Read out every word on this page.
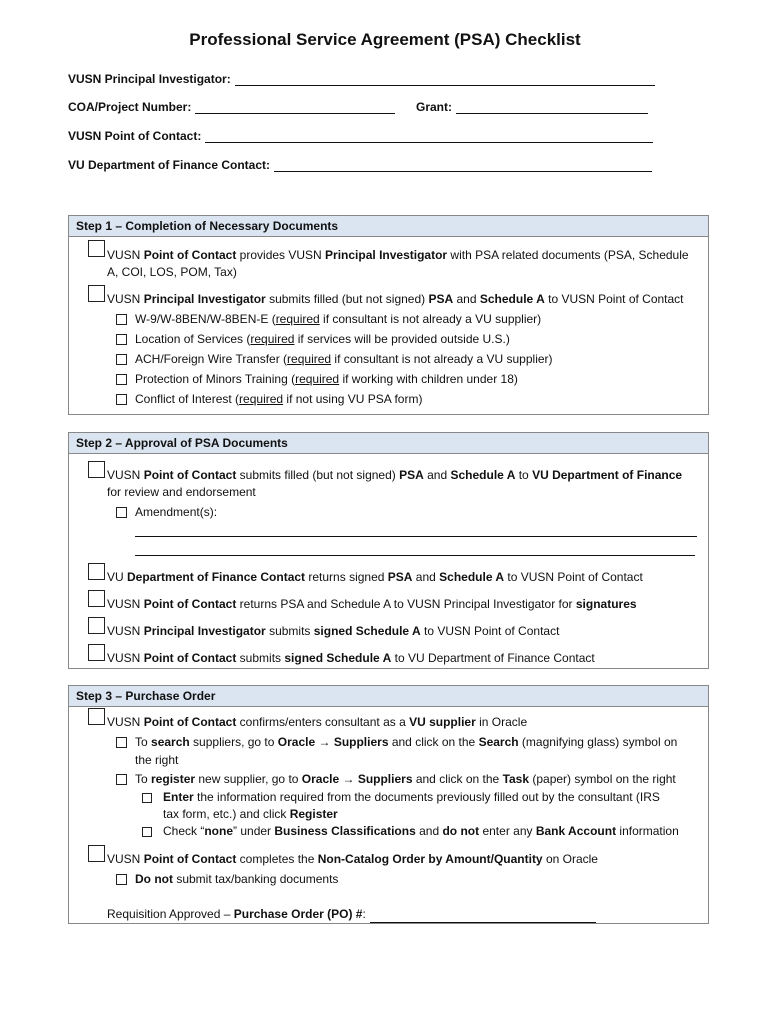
Professional Service Agreement (PSA) Checklist
VUSN Principal Investigator:
COA/Project Number:	Grant:
VUSN Point of Contact:
VU Department of Finance Contact:
Step 1 – Completion of Necessary Documents
VUSN Point of Contact provides VUSN Principal Investigator with PSA related documents (PSA, Schedule
A, COI, LOS, POM, Tax)
VUSN Principal Investigator submits filled (but not signed) PSA and Schedule A to VUSN Point of Contact
W-9/W-8BEN/W-8BEN-E (required if consultant is not already a VU supplier)
Location of Services (required if services will be provided outside U.S.)
ACH/Foreign Wire Transfer (required if consultant is not already a VU supplier)
Protection of Minors Training (required if working with children under 18)
Conflict of Interest (required if not using VU PSA form)
Step 2 – Approval of PSA Documents
VUSN Point of Contact submits filled (but not signed) PSA and Schedule A to VU Department of Finance
for review and endorsement
Amendment(s):
VU Department of Finance Contact returns signed PSA and Schedule A to VUSN Point of Contact
VUSN Point of Contact returns PSA and Schedule A to VUSN Principal Investigator for signatures
VUSN Principal Investigator submits signed Schedule A to VUSN Point of Contact
VUSN Point of Contact submits signed Schedule A to VU Department of Finance Contact
Step 3 – Purchase Order
VUSN Point of Contact confirms/enters consultant as a VU supplier in Oracle
To search suppliers, go to Oracle → Suppliers and click on the Search (magnifying glass) symbol on
the right
To register new supplier, go to Oracle → Suppliers and click on the Task (paper) symbol on the right
Enter the information required from the documents previously filled out by the consultant (IRS
tax form, etc.) and click Register
Check “none” under Business Classifications and do not enter any Bank Account information
VUSN Point of Contact completes the Non-Catalog Order by Amount/Quantity on Oracle
Do not submit tax/banking documents
Requisition Approved – Purchase Order (PO) #:
